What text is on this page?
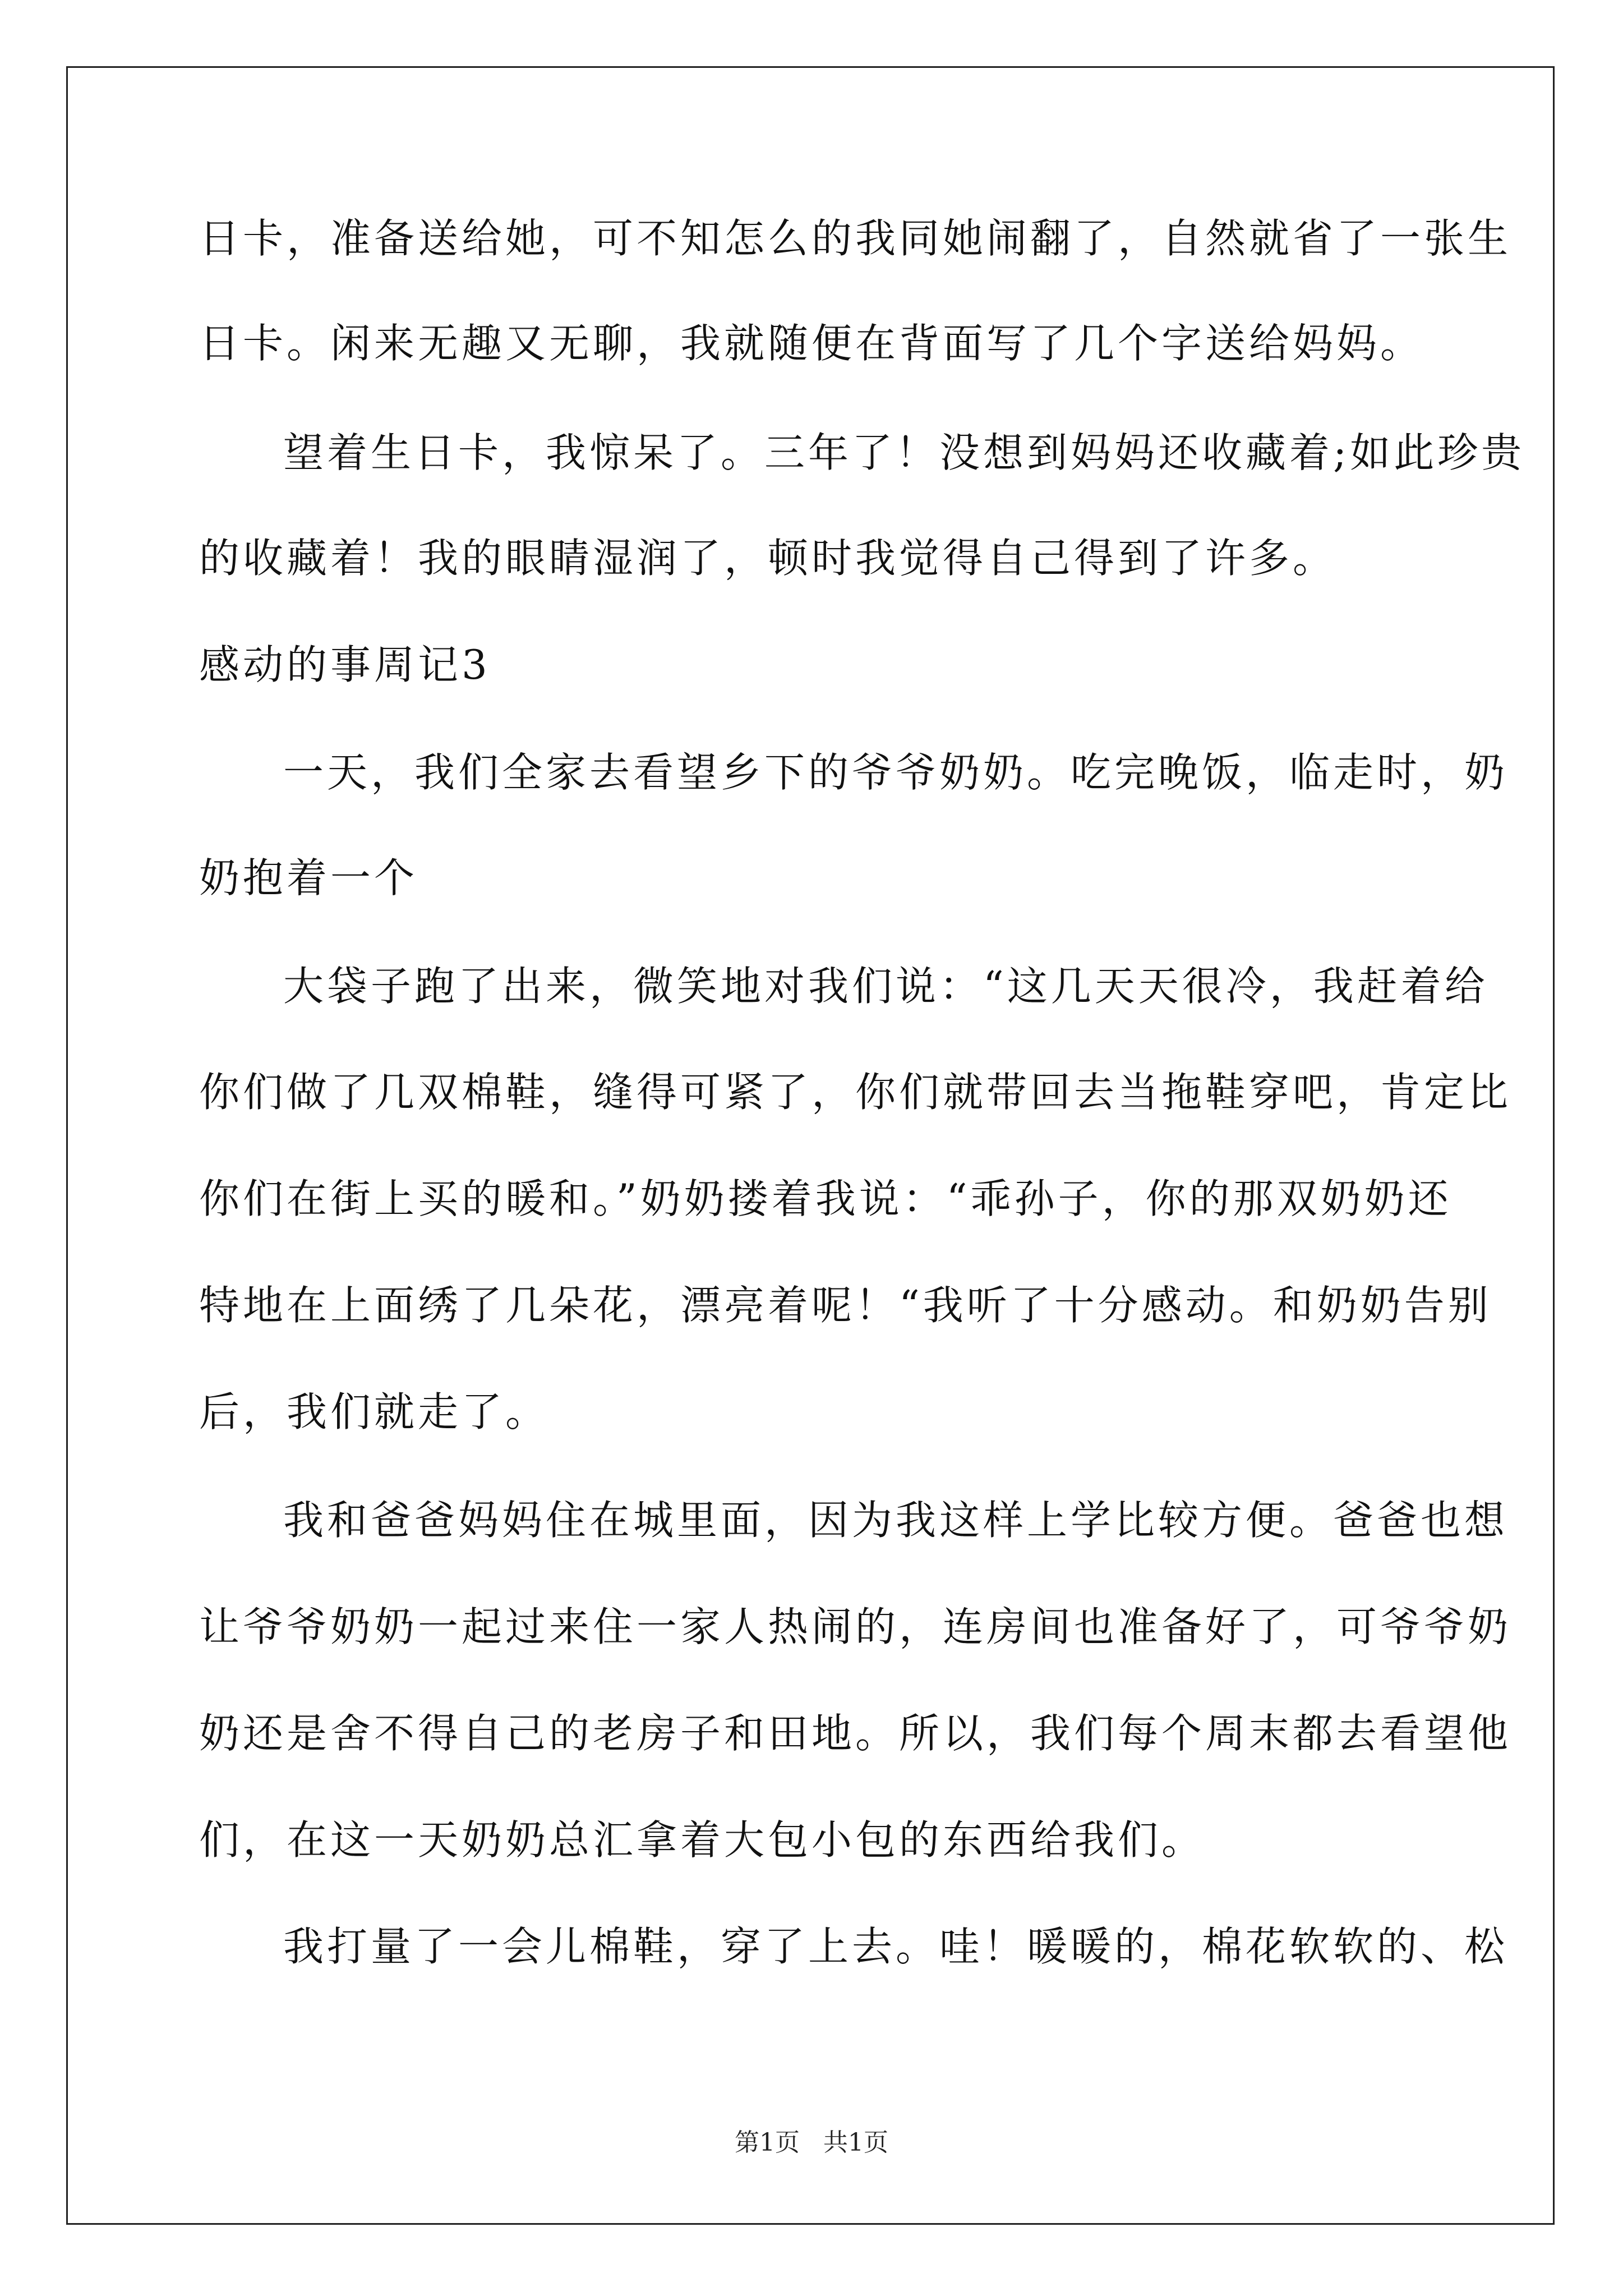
日卡，准备送给她，可不知怎么的我同她闹翻了，自然就省了一张生
日卡。闲来无趣又无聊，我就随便在背面写了几个字送给妈妈。
望着生日卡，我惊呆了。三年了！没想到妈妈还收藏着;如此珍贵
的收藏着！我的眼睛湿润了，顿时我觉得自己得到了许多。
感动的事周记3
一天，我们全家去看望乡下的爷爷奶奶。吃完晚饭，临走时，奶
奶抱着一个
大袋子跑了出来，微笑地对我们说：“这几天天很冷，我赶着给
你们做了几双棉鞋，缝得可紧了，你们就带回去当拖鞋穿吧，肯定比
你们在街上买的暖和。”奶奶搂着我说：“乖孙子，你的那双奶奶还
特地在上面绣了几朵花，漂亮着呢！“我听了十分感动。和奶奶告别
后，我们就走了。
我和爸爸妈妈住在城里面，因为我这样上学比较方便。爸爸也想
让爷爷奶奶一起过来住一家人热闹的，连房间也准备好了，可爷爷奶
奶还是舍不得自己的老房子和田地。所以，我们每个周末都去看望他
们，在这一天奶奶总汇拿着大包小包的东西给我们。
我打量了一会儿棉鞋，穿了上去。哇！暖暖的，棉花软软的、松
第1页 共1页
